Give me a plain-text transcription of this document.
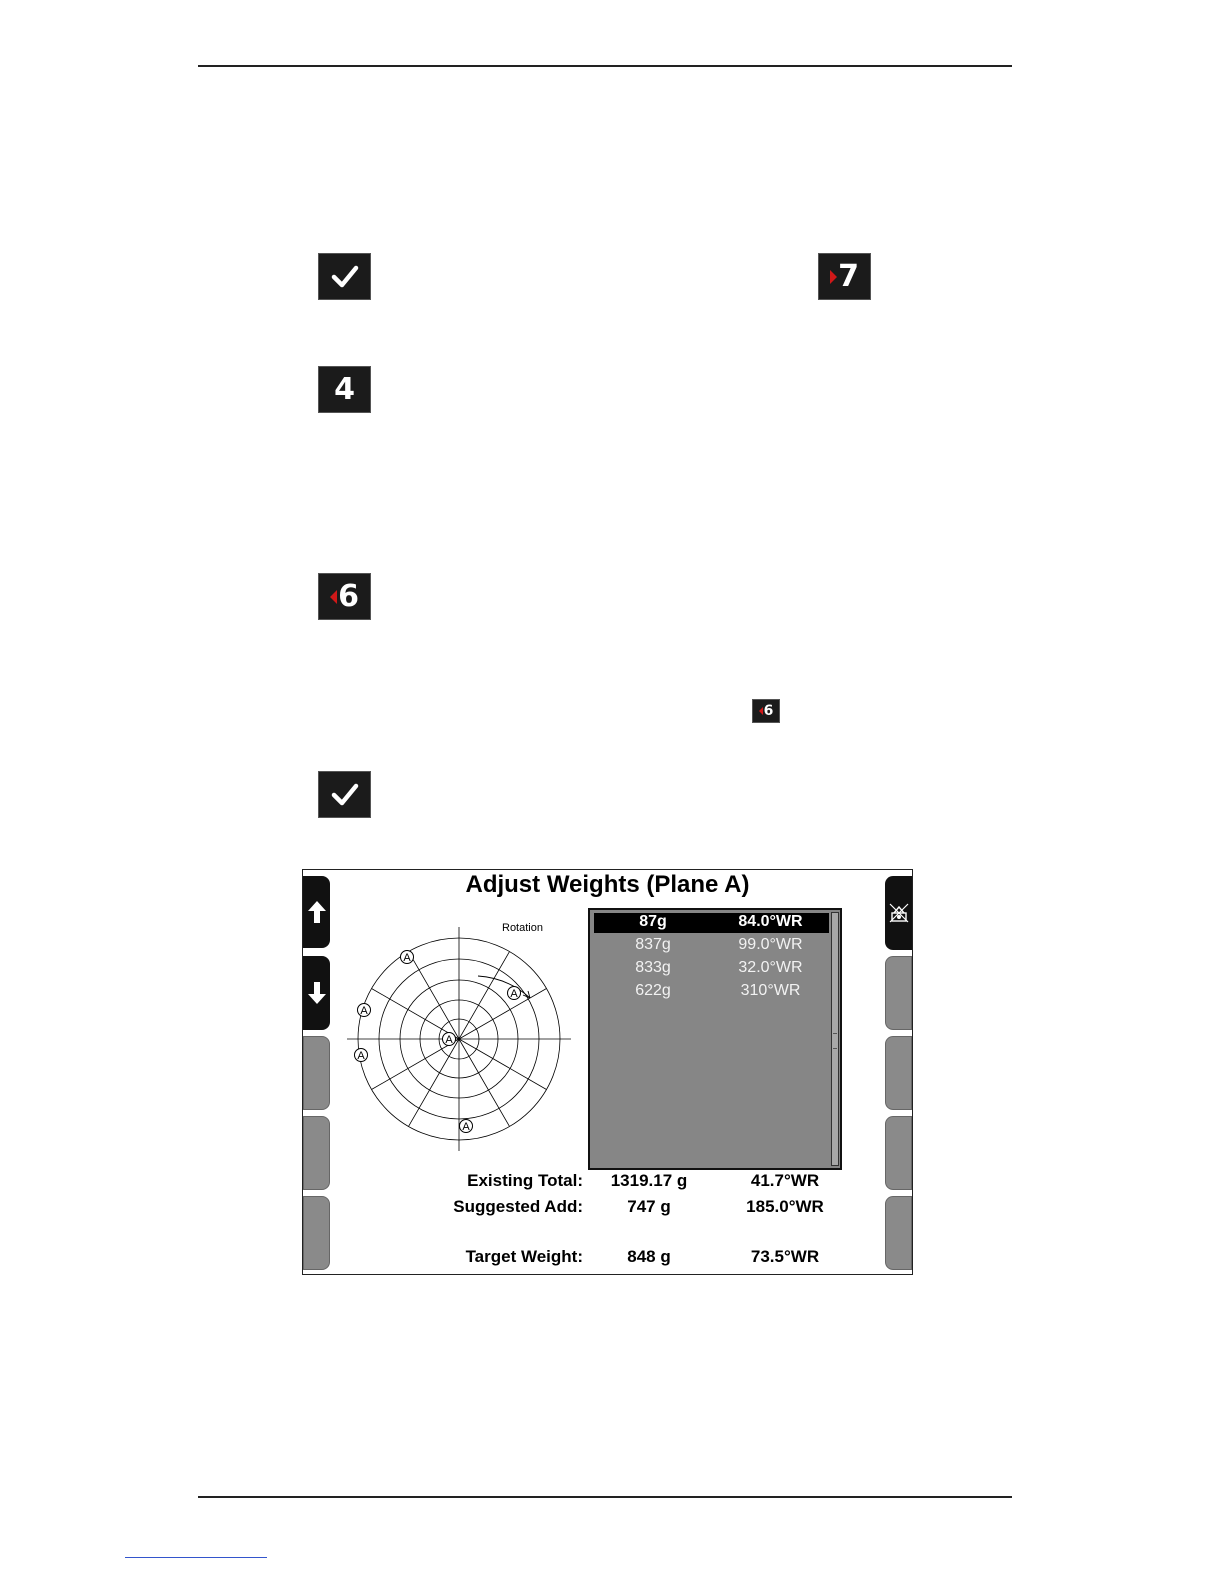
7
4
6
6
Adjust Weights (Plane A)
A
A
A
A
A
A
Rotation	87g	84.0°WR
837g	99.0°WR
833g	32.0°WR
622g	310°WR
Existing Total:	1319.17 g	41.7°WR
Suggested Add:	747 g	185.0°WR
Target Weight:	848 g	73.5°WR
